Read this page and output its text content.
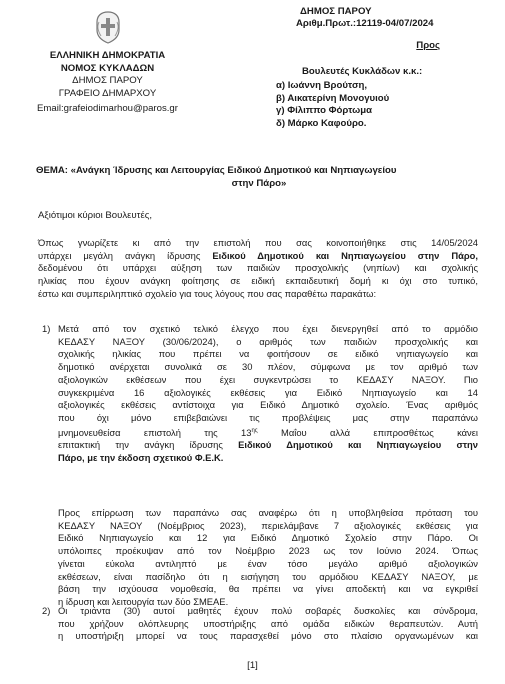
ΕΛΛΗΝΙΚΗ ΔΗΜΟΚΡΑΤΙΑ
ΝΟΜΟΣ ΚΥΚΛΑΔΩΝ
ΔΗΜΟΣ ΠΑΡΟΥ
ΓΡΑΦΕΙΟ ΔΗΜΑΡΧΟΥ
Email:grafeiodimarhou@paros.gr
ΔΗΜΟΣ ΠΑΡΟΥ
Αριθμ.Πρωτ.:12119-04/07/2024
Προς
Βουλευτές Κυκλάδων κ.κ.:
α) Ιωάννη Βρούτση,
β) Αικατερίνη Μονογυιού
γ) Φίλιππο Φόρτωμα
δ) Μάρκο Καφούρο.
ΘΕΜΑ: «Ανάγκη Ίδρυσης και Λειτουργίας Ειδικού Δημοτικού και Νηπιαγωγείου
στην Πάρο»
Αξιότιμοι κύριοι Βουλευτές,

Όπως γνωρίζετε κι από την επιστολή που σας κοινοποιήθηκε στις 14/05/2024

υπάρχει μεγάλη ανάγκη ίδρυσης Ειδικού Δημοτικού και Νηπιαγωγείου στην Πάρο,

δεδομένου ότι υπάρχει αύξηση των παιδιών προσχολικής (νηπίων) και σχολικής

ηλικίας που έχουν ανάγκη φοίτησης σε ειδική εκπαιδευτική δομή κι όχι στο τυπικό,

έστω και συμπεριληπτικό σχολείο για τους λόγους που σας παραθέτω παρακάτω:

1) Μετά από τον σχετικό τελικό έλεγχο που έχει διενεργηθεί από το αρμόδιο

ΚΕΔΑΣΥ ΝΑΞΟΥ (30/06/2024), ο αριθμός των παιδιών προσχολικής και

σχολικής ηλικίας που πρέπει να φοιτήσουν σε ειδικό νηπιαγωγείο και

δημοτικό ανέρχεται συνολικά σε 30 πλέον, σύμφωνα με τον αριθμό των

αξιολογικών εκθέσεων που έχει συγκεντρώσει το ΚΕΔΑΣΥ ΝΑΞΟΥ. Πιο

συγκεκριμένα 16 αξιολογικές εκθέσεις για Ειδικό Νηπιαγωγείο και 14

αξιολογικές εκθέσεις αντίστοιχα για Ειδικό Δημοτικό σχολείο. Ένας αριθμός

που όχι μόνο επιβεβαιώνει τις προβλέψεις μας στην παραπάνω

μνημονευθείσα επιστολή της $13^{\eta\varsigma}$ Μαΐου αλλά επιπροσθέτως κάνει

επιτακτική την ανάγκη ίδρυσης Ειδικού Δημοτικού και Νηπιαγωγείου στην

Πάρο, με την έκδοση σχετικού Φ.Ε.Κ.

Προς επίρρωση των παραπάνω σας αναφέρω ότι η υποβληθείσα πρόταση του

ΚΕΔΑΣΥ ΝΑΞΟΥ (Νοέμβριος 2023), περιελάμβανε 7 αξιολογικές εκθέσεις για

Ειδικό Νηπιαγωγείο και 12 για Ειδικό Δημοτικό Σχολείο στην Πάρο. Οι

υπόλοιπες προέκυψαν από τον Νοέμβριο 2023 ως τον Ιούνιο 2024. Όπως

γίνεται εύκολα αντιληπτό με έναν τόσο μεγάλο αριθμό αξιολογικών

εκθέσεων, είναι πασίδηλο ότι η εισήγηση του αρμόδιου ΚΕΔΑΣΥ ΝΑΞΟΥ, με

βάση την ισχύουσα νομοθεσία, θα πρέπει να γίνει αποδεκτή και να εγκριθεί

η ίδρυση και λειτουργία των δύο ΣΜΕΑΕ.

2) Οι τριάντα (30) αυτοί μαθητές έχουν πολύ σοβαρές δυσκολίες και σύνδρομα,

που χρήζουν ολόπλευρης υποστήριξης από ομάδα ειδικών θεραπευτών. Αυτή

η υποστήριξη μπορεί να τους παρασχεθεί μόνο στο πλαίσιο οργανωμένων και

[1]
